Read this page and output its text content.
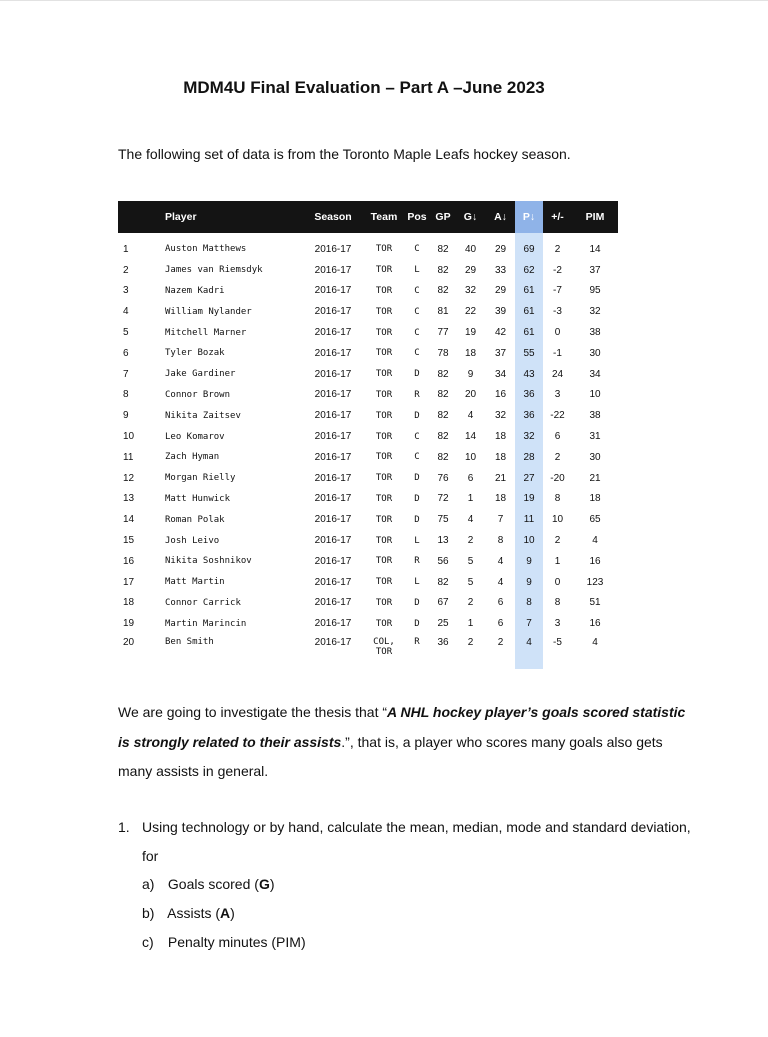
MDM4U Final Evaluation – Part A –June 2023
The following set of data is from the Toronto Maple Leafs hockey season.
	Player	Season	Team	Pos	GP	G↓	A↓	P↓	+/-	PIM
1	Auston Matthews	2016-17	TOR	C	82	40	29	69	2	14
2	James van Riemsdyk	2016-17	TOR	L	82	29	33	62	-2	37
3	Nazem Kadri	2016-17	TOR	C	82	32	29	61	-7	95
4	William Nylander	2016-17	TOR	C	81	22	39	61	-3	32
5	Mitchell Marner	2016-17	TOR	C	77	19	42	61	0	38
6	Tyler Bozak	2016-17	TOR	C	78	18	37	55	-1	30
7	Jake Gardiner	2016-17	TOR	D	82	9	34	43	24	34
8	Connor Brown	2016-17	TOR	R	82	20	16	36	3	10
9	Nikita Zaitsev	2016-17	TOR	D	82	4	32	36	-22	38
10	Leo Komarov	2016-17	TOR	C	82	14	18	32	6	31
11	Zach Hyman	2016-17	TOR	C	82	10	18	28	2	30
12	Morgan Rielly	2016-17	TOR	D	76	6	21	27	-20	21
13	Matt Hunwick	2016-17	TOR	D	72	1	18	19	8	18
14	Roman Polak	2016-17	TOR	D	75	4	7	11	10	65
15	Josh Leivo	2016-17	TOR	L	13	2	8	10	2	4
16	Nikita Soshnikov	2016-17	TOR	R	56	5	4	9	1	16
17	Matt Martin	2016-17	TOR	L	82	5	4	9	0	123
18	Connor Carrick	2016-17	TOR	D	67	2	6	8	8	51
19	Martin Marincin	2016-17	TOR	D	25	1	6	7	3	16
20	Ben Smith	2016-17	COL,
TOR	R	36	2	2	4	-5	4
We are going to investigate the thesis that “A NHL hockey player’s goals scored statistic is strongly related to their assists.”, that is, a player who scores many goals also gets many assists in general.
1. Using technology or by hand, calculate the mean, median, mode and standard deviation, for
a) Goals scored (G)
b) Assists (A)
c) Penalty minutes (PIM)
